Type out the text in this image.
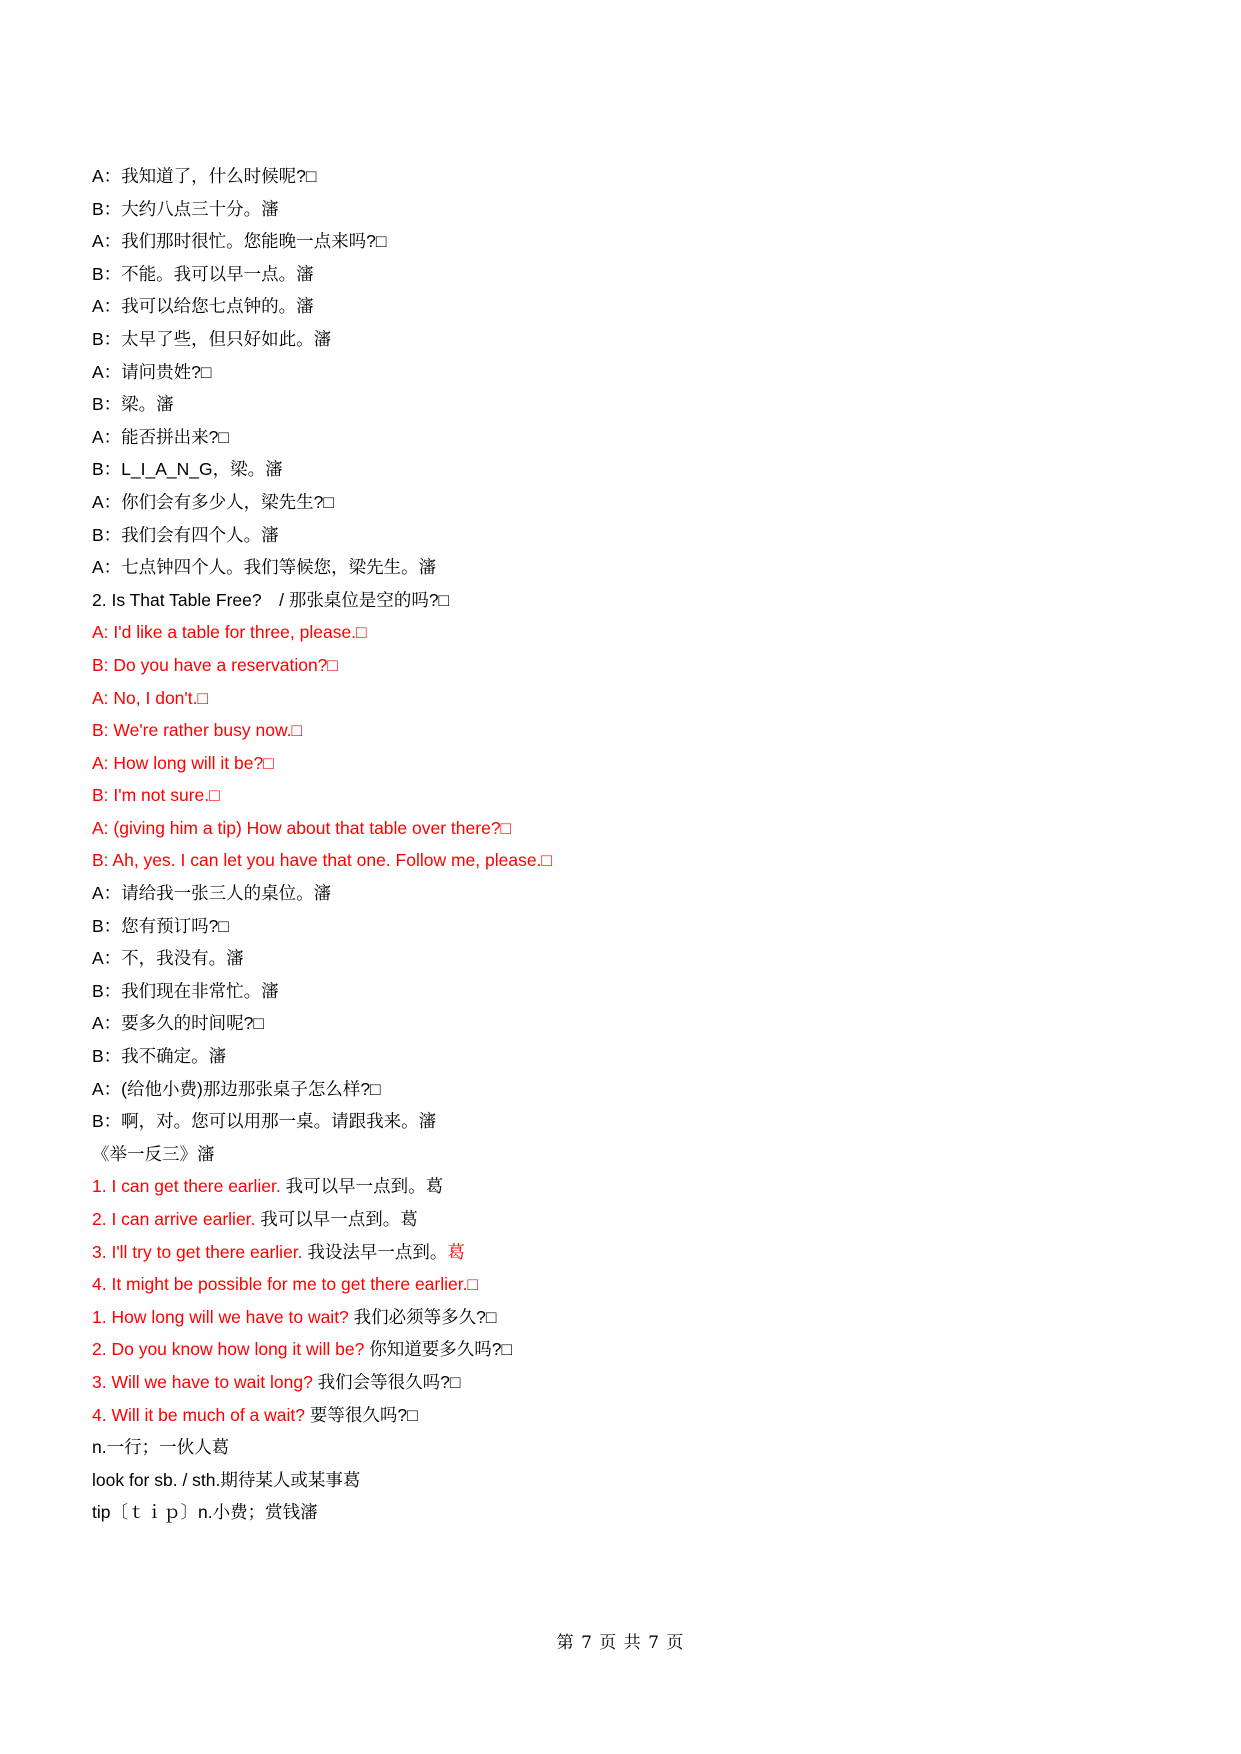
A：我知道了，什么时候呢?□
B：大约八点三十分。瀋
A：我们那时很忙。您能晚一点来吗?□
B：不能。我可以早一点。瀋
A：我可以给您七点钟的。瀋
B：太早了些，但只好如此。瀋
A：请问贵姓?□
B：梁。瀋
A：能否拼出来?□
B：L_I_A_N_G，梁。瀋
A：你们会有多少人，梁先生?□
B：我们会有四个人。瀋
A：七点钟四个人。我们等候您，梁先生。瀋
2. Is That Table Free?　/ 那张桌位是空的吗?□
A: I'd like a table for three, please.□
B: Do you have a reservation?□
A: No, I don't.□
B: We're rather busy now.□
A: How long will it be?□
B: I'm not sure.□
A: (giving him a tip) How about that table over there?□
B: Ah, yes. I can let you have that one. Follow me, please.□
A：请给我一张三人的桌位。瀋
B：您有预订吗?□
A：不，我没有。瀋
B：我们现在非常忙。瀋
A：要多久的时间呢?□
B：我不确定。瀋
A：(给他小费)那边那张桌子怎么样?□
B：啊，对。您可以用那一桌。请跟我来。瀋
《举一反三》瀋
1. I can get there earlier. 我可以早一点到。葛
2. I can arrive earlier. 我可以早一点到。葛
3. I'll try to get there earlier. 我设法早一点到。葛
4. It might be possible for me to get there earlier.□
1. How long will we have to wait? 我们必须等多久?□
2. Do you know how long it will be? 你知道要多久吗?□
3. Will we have to wait long? 我们会等很久吗?□
4. Will it be much of a wait? 要等很久吗?□
n.一行；一伙人葛
look for sb. / sth.期待某人或某事葛
tip〔ｔｉｐ〕n.小费；赏钱瀋
第 7 页 共 7 页
